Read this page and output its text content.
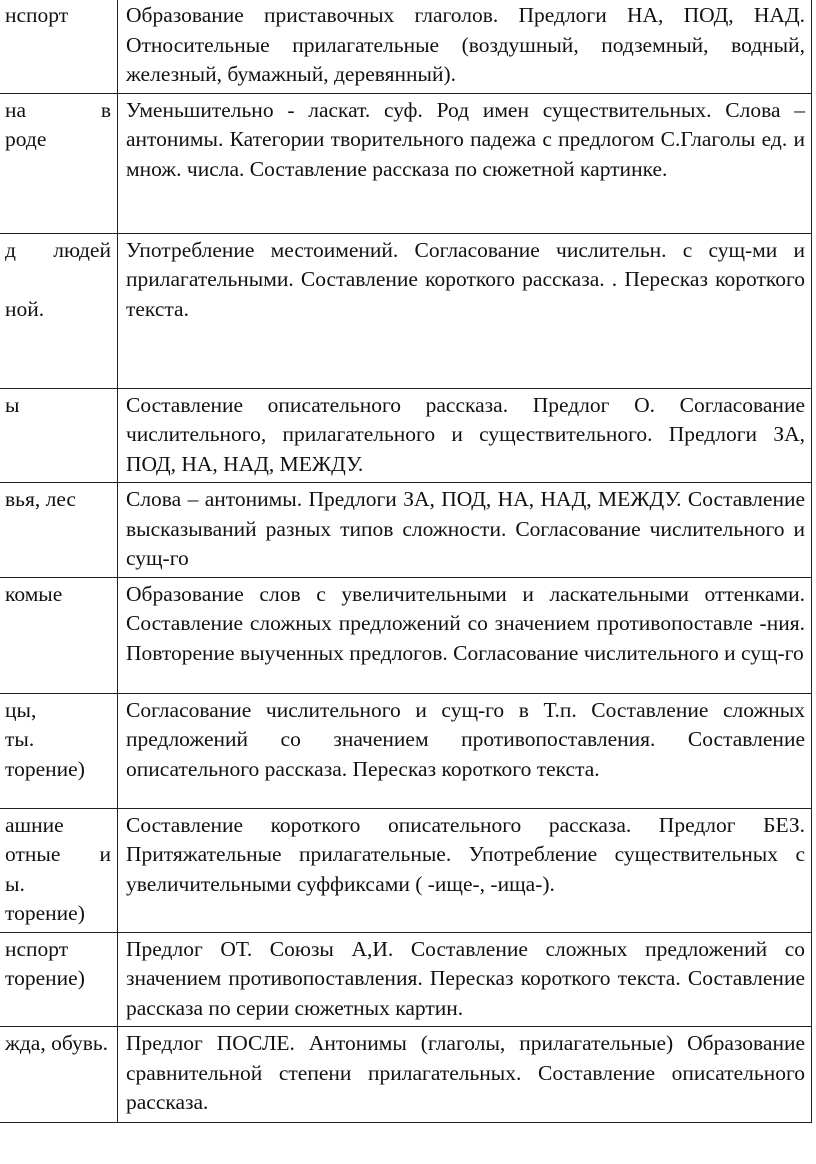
нспорт	Образование приставочных глаголов. Предлоги НА, ПОД, НАД. Относительные прилагательные (воздушный, подземный, водный, железный, бумажный, деревянный).

на в
роде	Уменьшительно - ласкат. суф. Род имен существительных. Слова – антонимы. Категории творительного падежа с предлогом С.Глаголы ед. и множ. числа. Составление рассказа по сюжетной картинке.

д людей

ной.	Употребление местоимений. Согласование числительн. с сущ-ми и прилагательными. Составление короткого рассказа. . Пересказ короткого текста.

ы	Составление описательного рассказа. Предлог О. Согласование числительного, прилагательного и существительного. Предлоги ЗА, ПОД, НА, НАД, МЕЖДУ.

вья, лес	Слова – антонимы. Предлоги ЗА, ПОД, НА, НАД, МЕЖДУ. Составление высказываний разных типов сложности. Согласование числительного и сущ-го

комые	Образование слов с увеличительными и ласкательными оттенками. Составление сложных предложений со значением противопоставле -ния. Повторение выученных предлогов. Согласование числительного и сущ-го

цы,
ты.
торение)	Согласование числительного и сущ-го в Т.п. Составление сложных предложений со значением противопоставления. Составление описательного рассказа. Пересказ короткого текста.

ашние
отные и
ы.
торение)	Составление короткого описательного рассказа. Предлог БЕЗ. Притяжательные прилагательные. Употребление существительных с увеличительными суффиксами ( -ище-, -ища-).

нспорт
торение)	Предлог ОТ. Союзы А,И. Составление сложных предложений со значением противопоставления. Пересказ короткого текста. Составление рассказа по серии сюжетных картин.

жда, обувь.	Предлог ПОСЛЕ. Антонимы (глаголы, прилагательные) Образование сравнительной степени прилагательных. Составление описательного рассказа.
